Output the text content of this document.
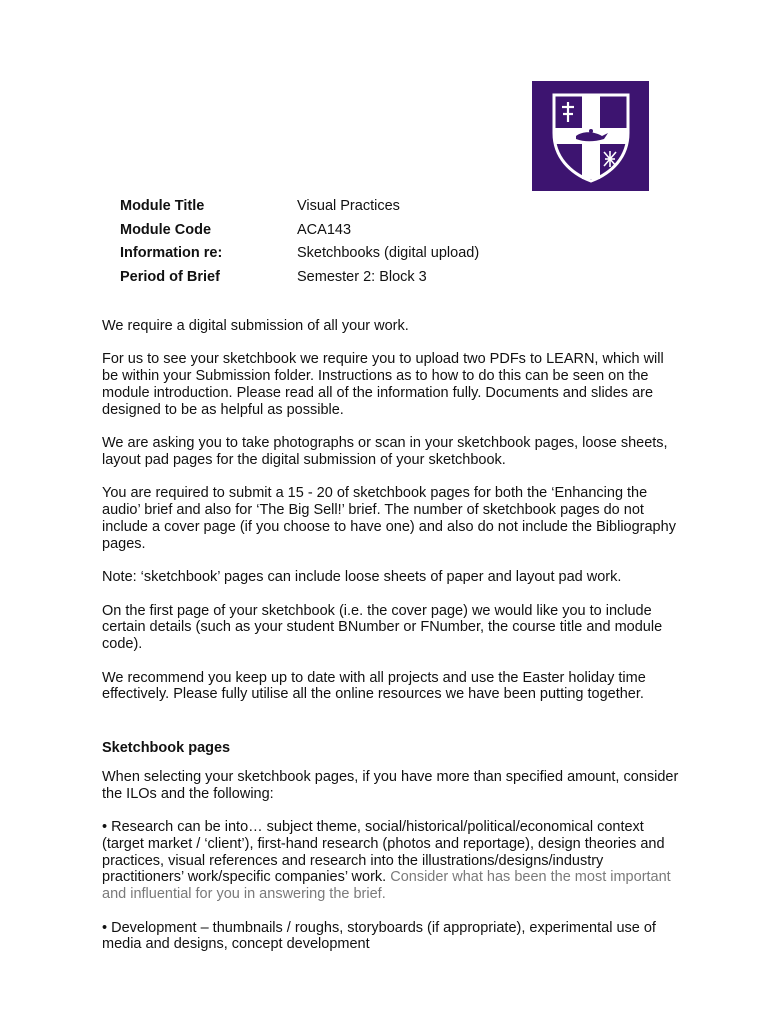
Module Title	Visual Practices
Module Code	ACA143
Information re:	Sketchbooks (digital upload)
Period of Brief	Semester 2: Block 3

We require a digital submission of all your work.

For us to see your sketchbook we require you to upload two PDFs to LEARN, which will be within your Submission folder. Instructions as to how to do this can be seen on the module introduction. Please read all of the information fully. Documents and slides are designed to be as helpful as possible.

We are asking you to take photographs or scan in your sketchbook pages, loose sheets, layout pad pages for the digital submission of your sketchbook.

You are required to submit a 15 - 20 of sketchbook pages for both the ‘Enhancing the audio’ brief and also for ‘The Big Sell!’ brief. The number of sketchbook pages do not include a cover page (if you choose to have one) and also do not include the Bibliography pages.

Note: ‘sketchbook’ pages can include loose sheets of paper and layout pad work.

On the first page of your sketchbook (i.e. the cover page) we would like you to include certain details (such as your student BNumber or FNumber, the course title and module code).

We recommend you keep up to date with all projects and use the Easter holiday time effectively. Please fully utilise all the online resources we have been putting together.

Sketchbook pages

When selecting your sketchbook pages, if you have more than specified amount, consider the ILOs and the following:

• Research can be into… subject theme, social/historical/political/economical context (target market / ‘client’), first-hand research (photos and reportage), design theories and practices, visual references and research into the illustrations/designs/industry practitioners’ work/specific companies’ work. Consider what has been the most important and influential for you in answering the brief.

• Development – thumbnails / roughs, storyboards (if appropriate), experimental use of media and designs, concept development
